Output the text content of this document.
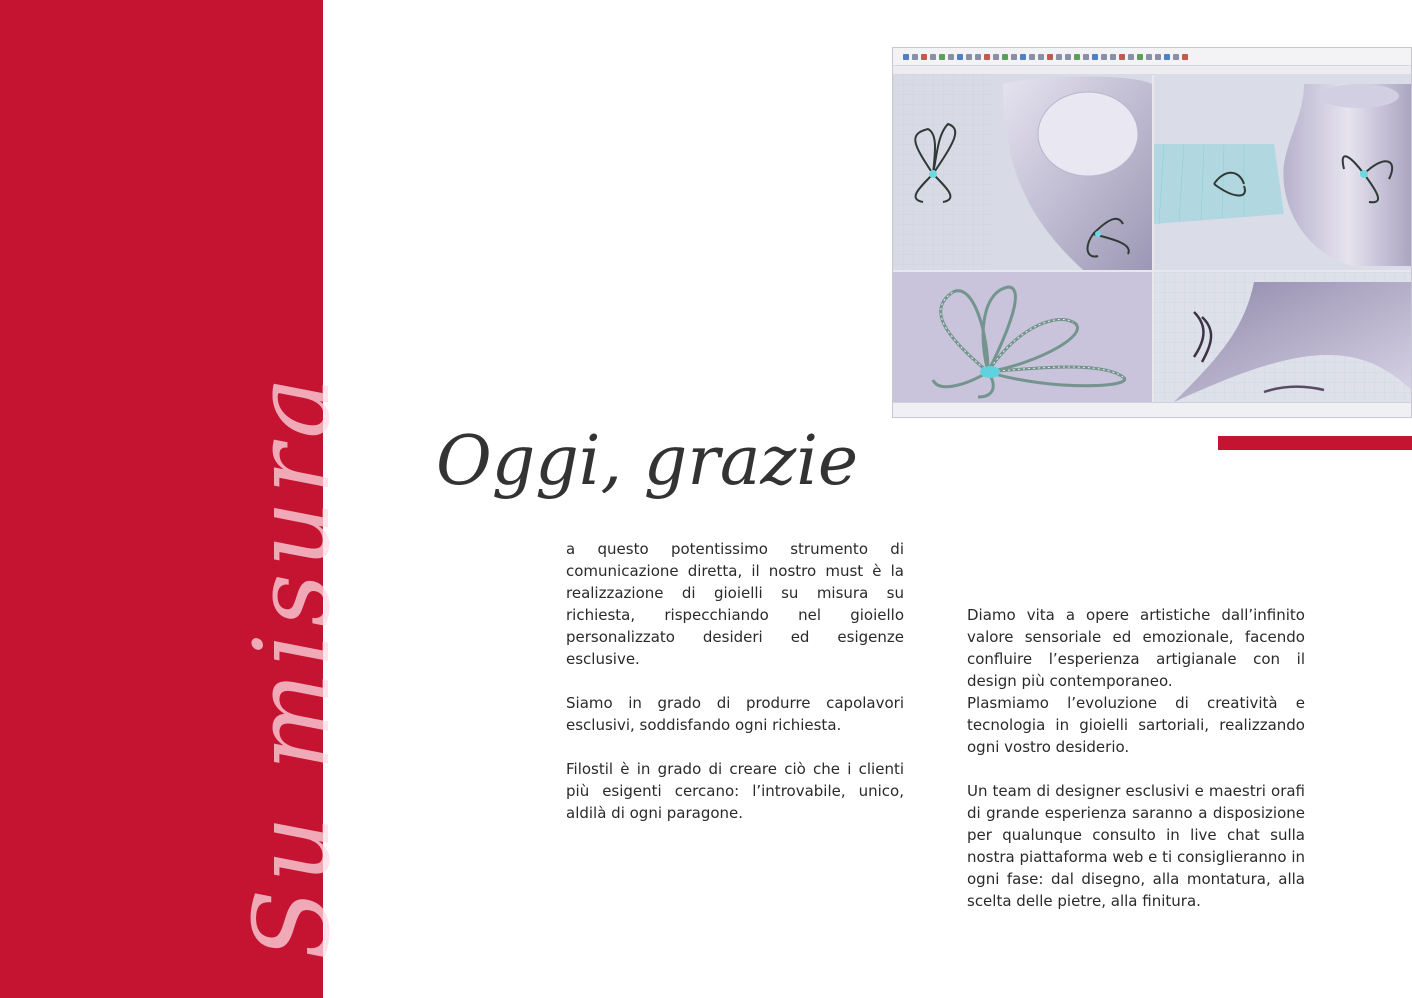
Su misura Oggi, grazie

a questo potentissimo strumento di comunicazione diretta, il nostro must è la realizzazione di gioielli su misura su richiesta, rispecchiando nel gioiello personalizzato desideri ed esigenze esclusive.

Siamo in grado di produrre capolavori esclusivi, soddisfando ogni richiesta.

Filostil è in grado di creare ciò che i clienti più esigenti cercano: l’introvabile, unico, aldilà di ogni paragone.

Diamo vita a opere artistiche dall’infinito valore sensoriale ed emozionale, facendo confluire l’esperienza artigianale con il design più contemporaneo.
Plasmiamo l’evoluzione di creatività e tecnologia in gioielli sartoriali, realizzando ogni vostro desiderio.

Un team di designer esclusivi e maestri orafi di grande esperienza saranno a disposizione per qualunque consulto in live chat sulla nostra piattaforma web e ti consiglieranno in ogni fase: dal disegno, alla montatura, alla scelta delle pietre, alla finitura.
